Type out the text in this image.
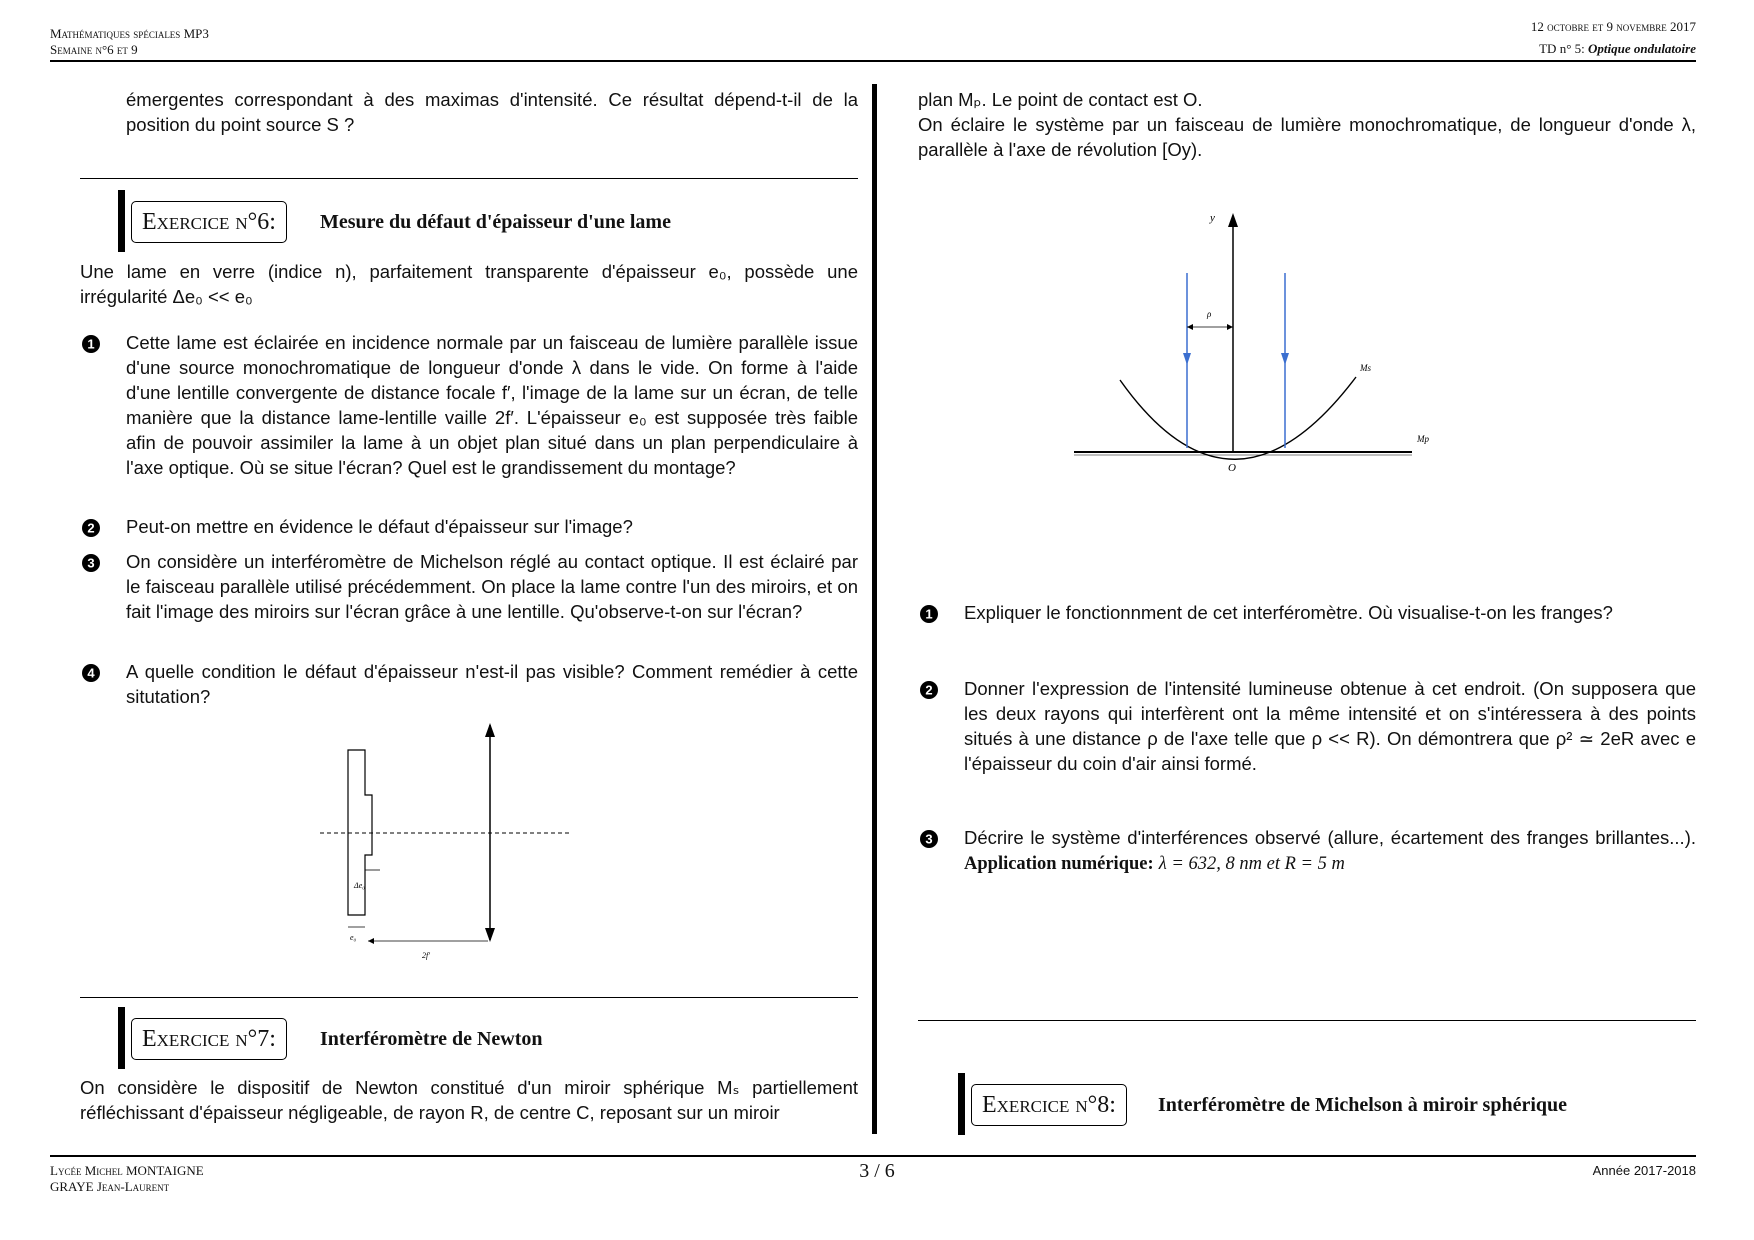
Mathématiques spéciales MP3
Semaine n°6 et 9
12 octobre et 9 novembre 2017
TD n° 5: Optique ondulatoire
émergentes correspondant à des maximas d'intensité. Ce résultat dépend-t-il de la position du point source S ?
Exercice n°6:	Mesure du défaut d'épaisseur d'une lame
Une lame en verre (indice n), parfaitement transparente d'épaisseur e₀, possède une irrégularité Δe₀ << e₀
1 Cette lame est éclairée en incidence normale par un faisceau de lumière parallèle issue d'une source monochromatique de longueur d'onde λ dans le vide. On forme à l'aide d'une lentille convergente de distance focale f′, l'image de la lame sur un écran, de telle manière que la distance lame-lentille vaille 2f′. L'épaisseur e₀ est supposée très faible afin de pouvoir assimiler la lame à un objet plan situé dans un plan perpendiculaire à l'axe optique. Où se situe l'écran? Quel est le grandissement du montage?
2 Peut-on mettre en évidence le défaut d'épaisseur sur l'image?
3 On considère un interféromètre de Michelson réglé au contact optique. Il est éclairé par le faisceau parallèle utilisé précédemment. On place la lame contre l'un des miroirs, et on fait l'image des miroirs sur l'écran grâce à une lentille. Qu'observe-t-on sur l'écran?
4 A quelle condition le défaut d'épaisseur n'est-il pas visible? Comment remédier à cette situtation?
Δe₀
e₀
2f′
Exercice n°7:	Interféromètre de Newton
On considère le dispositif de Newton constitué d'un miroir sphérique Mₛ partiellement réfléchissant d'épaisseur négligeable, de rayon R, de centre C, reposant sur un miroir
plan Mₚ. Le point de contact est O.
On éclaire le système par un faisceau de lumière monochromatique, de longueur d'onde λ, parallèle à l'axe de révolution [Oy).
y
ρ
Ms
Mp
O
1 Expliquer le fonctionnment de cet interféromètre. Où visualise-t-on les franges?
2 Donner l'expression de l'intensité lumineuse obtenue à cet endroit. (On supposera que les deux rayons qui interfèrent ont la même intensité et on s'intéressera à des points situés à une distance ρ de l'axe telle que ρ << R). On démontrera que ρ² ≃ 2eR avec e l'épaisseur du coin d'air ainsi formé.
3 Décrire le système d'interférences observé (allure, écartement des franges brillantes...). Application numérique: λ = 632, 8 nm et R = 5 m
Exercice n°8:	Interféromètre de Michelson à miroir sphérique
Lycée Michel MONTAIGNE
GRAYE Jean-Laurent
3 / 6	Année 2017-2018
